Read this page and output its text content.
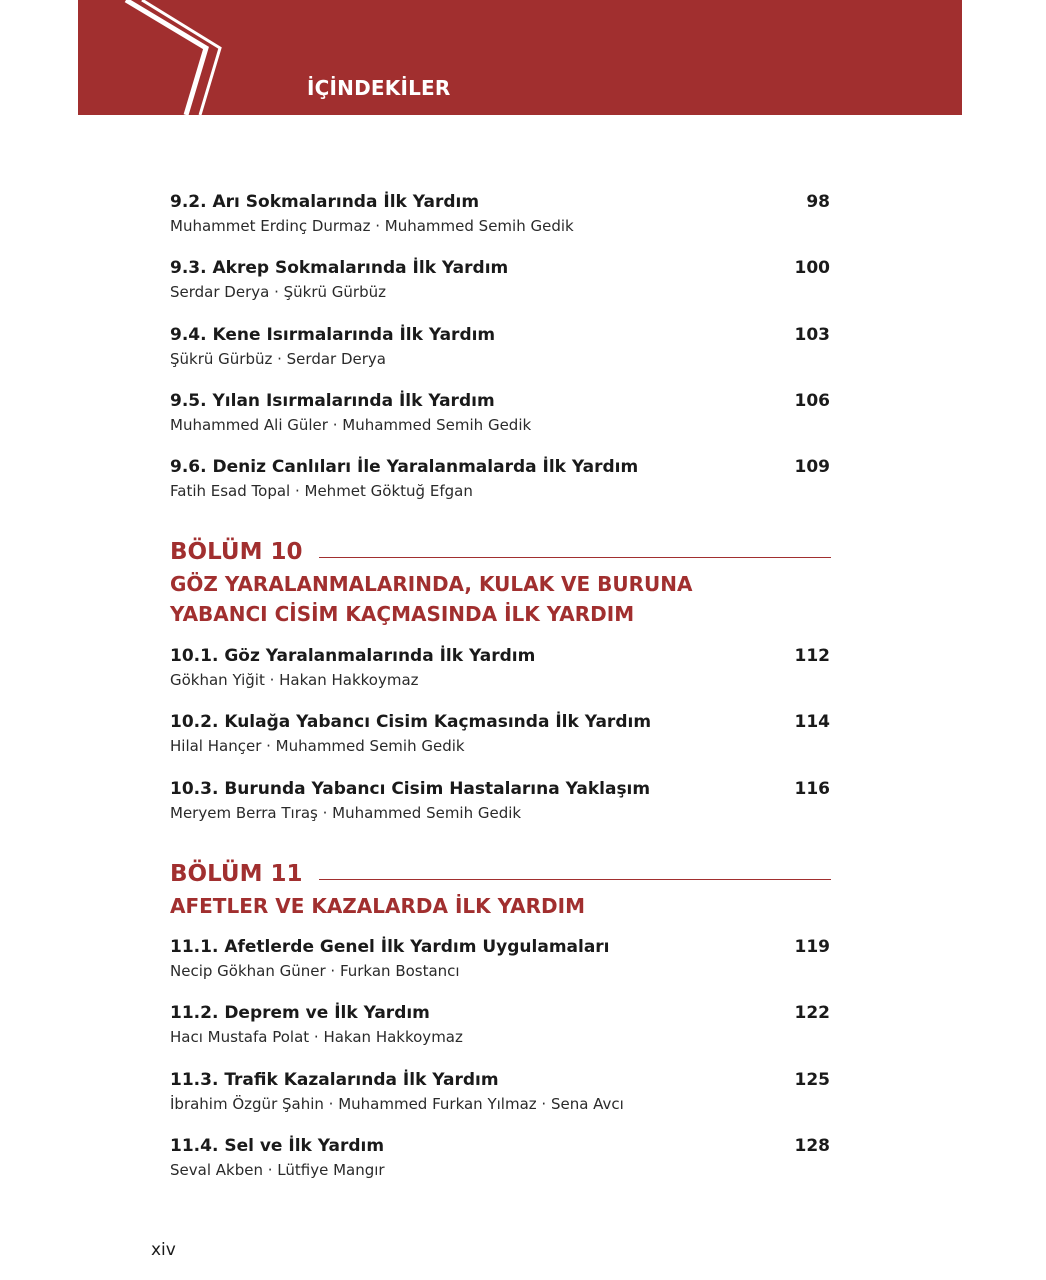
İÇİNDEKİLER
9.2. Arı Sokmalarında İlk Yardım	98
Muhammet Erdinç Durmaz · Muhammed Semih Gedik
9.3. Akrep Sokmalarında İlk Yardım	100
Serdar Derya · Şükrü Gürbüz
9.4. Kene Isırmalarında İlk Yardım	103
Şükrü Gürbüz · Serdar Derya
9.5. Yılan Isırmalarında İlk Yardım	106
Muhammed Ali Güler · Muhammed Semih Gedik
9.6. Deniz Canlıları İle Yaralanmalarda İlk Yardım	109
Fatih Esad Topal · Mehmet Göktuğ Efgan
BÖLÜM 10
GÖZ YARALANMALARINDA, KULAK VE BURUNA
YABANCI CİSİM KAÇMASINDA İLK YARDIM
10.1. Göz Yaralanmalarında İlk Yardım	112
Gökhan Yiğit · Hakan Hakkoymaz
10.2. Kulağa Yabancı Cisim Kaçmasında İlk Yardım	114
Hilal Hançer · Muhammed Semih Gedik
10.3. Burunda Yabancı Cisim Hastalarına Yaklaşım	116
Meryem Berra Tıraş · Muhammed Semih Gedik
BÖLÜM 11
AFETLER VE KAZALARDA İLK YARDIM
11.1. Afetlerde Genel İlk Yardım Uygulamaları	119
Necip Gökhan Güner · Furkan Bostancı
11.2. Deprem ve İlk Yardım	122
Hacı Mustafa Polat · Hakan Hakkoymaz
11.3. Trafik Kazalarında İlk Yardım	125
İbrahim Özgür Şahin · Muhammed Furkan Yılmaz · Sena Avcı
11.4. Sel ve İlk Yardım	128
Seval Akben · Lütfiye Mangır
xiv
